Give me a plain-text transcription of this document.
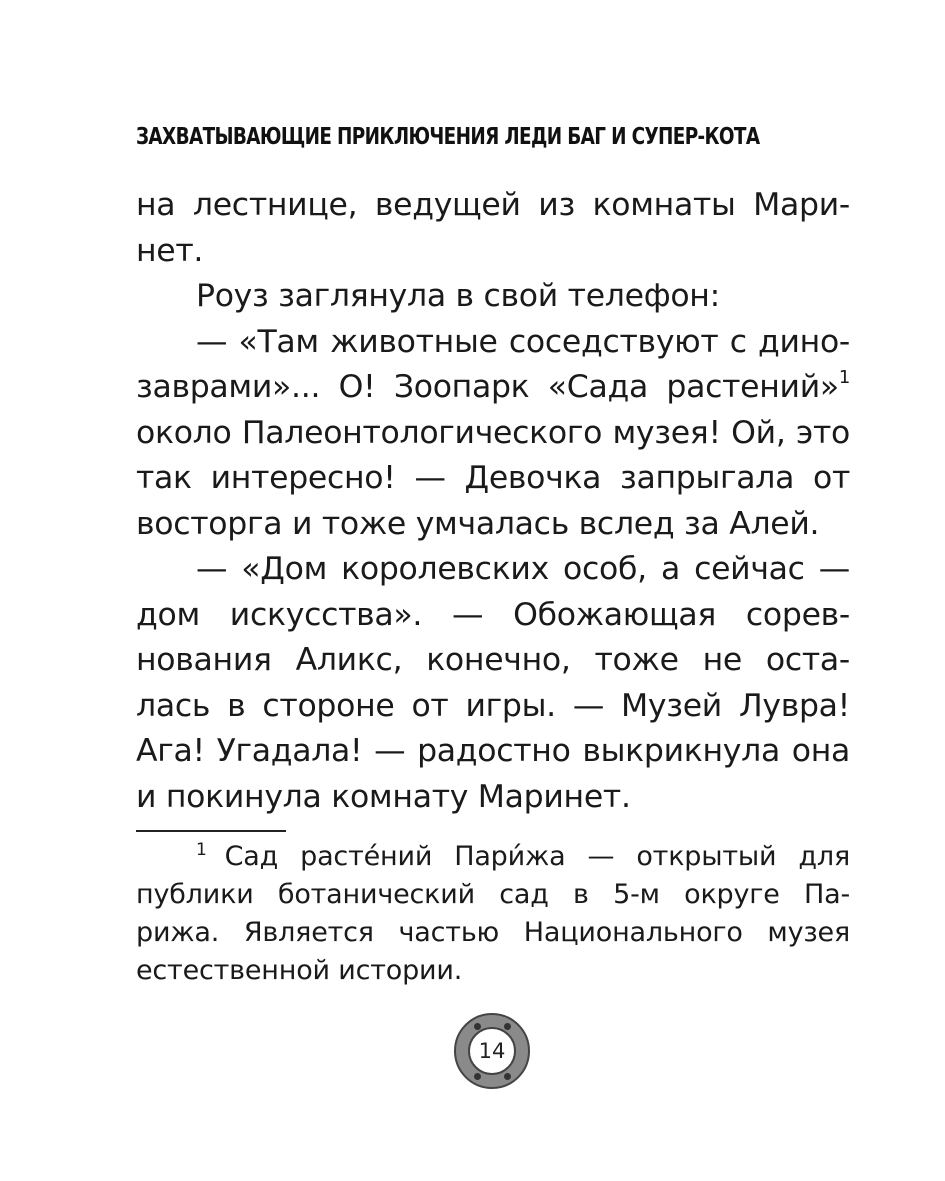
ЗАХВАТЫВАЮЩИЕ ПРИКЛЮЧЕНИЯ ЛЕДИ БАГ И СУПЕР-КОТА
на лестнице, ведущей из комнаты Мари-
нет.
Роуз заглянула в свой телефон:
— «Там животные соседствуют с дино-
заврами»... О! Зоопарк «Сада растений»$^1$
около Палеонтологического музея! Ой, это
так интересно! — Девочка запрыгала от
восторга и тоже умчалась вслед за Алей.
— «Дом королевских особ, а сейчас —
дом искусства». — Обожающая сорев-
нования Аликс, конечно, тоже не оста-
лась в стороне от игры. — Музей Лувра!
Ага! Угадала! — радостно выкрикнула она
и покинула комнату Маринет.
$^1$ Сад расте́ний Пари́жа — открытый для
публики ботанический сад в 5-м округе Па-
рижа. Является частью Национального музея
естественной истории.
14
